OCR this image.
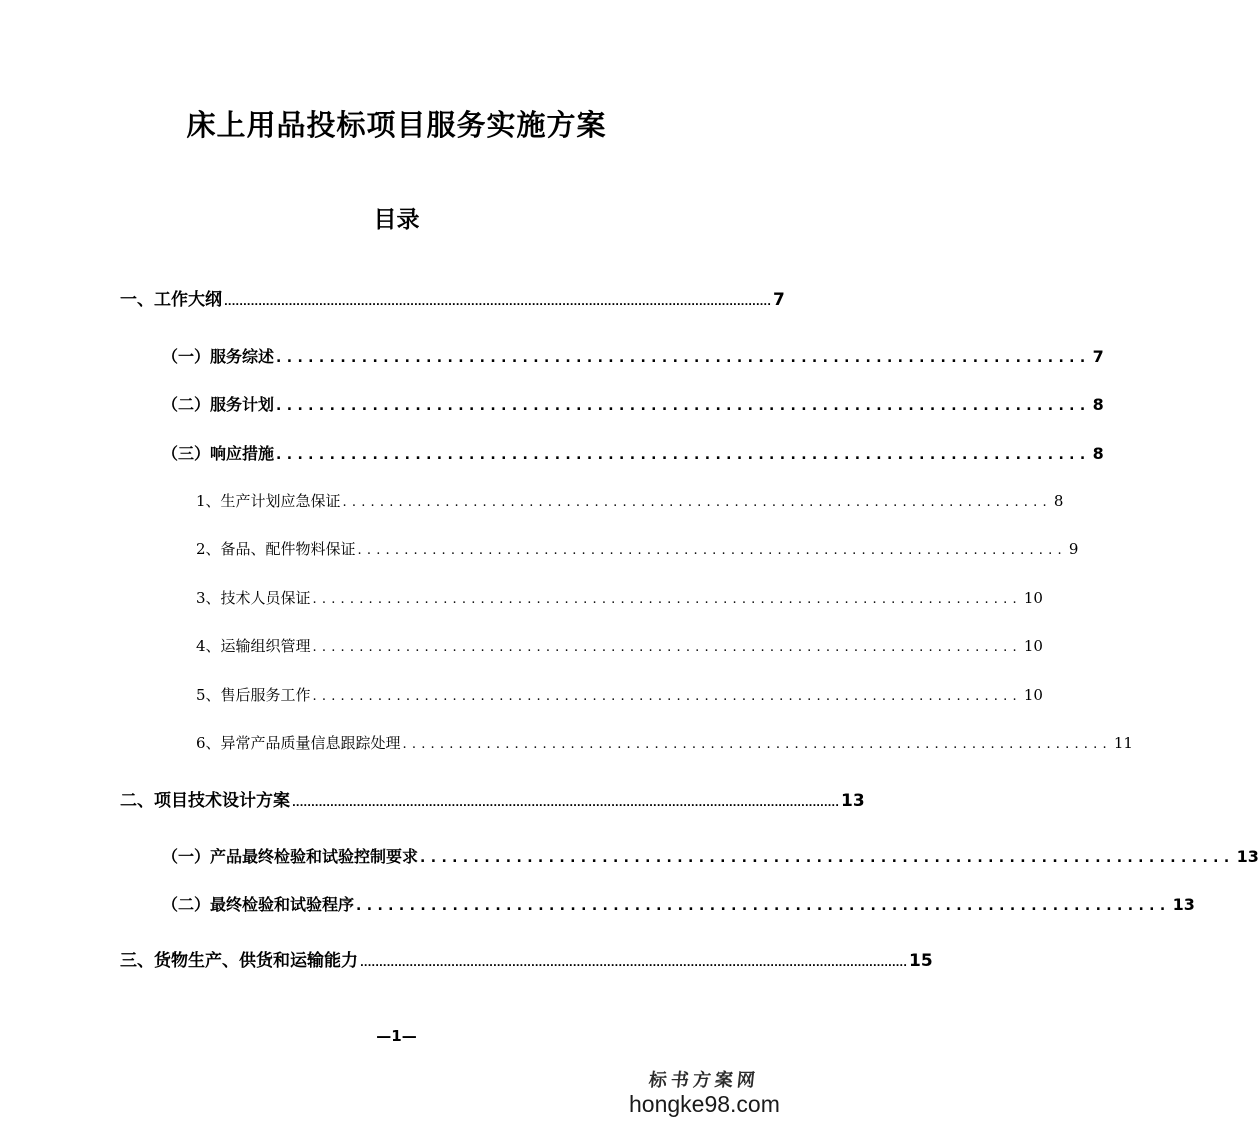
床上用品投标项目服务实施方案
目录
一、工作大纲 ................................................................................................................................................ 7
（一）服务综述 ............................................................................ 7
（二）服务计划 ............................................................................ 8
（三）响应措施 ............................................................................ 8
1、生产计划应急保证 ............................................................................ 8
2、备品、配件物料保证 ............................................................................ 9
3、技术人员保证 ............................................................................ 10
4、运输组织管理 ............................................................................ 10
5、售后服务工作 ............................................................................ 10
6、异常产品质量信息跟踪处理 ............................................................................ 11
二、项目技术设计方案 ................................................................................................................................................ 13
（一）产品最终检验和试验控制要求 ............................................................................ 13
（二）最终检验和试验程序 ............................................................................ 13
三、货物生产、供货和运输能力 ................................................................................................................................................ 15
—1—
标书方案网
hongke98.com
